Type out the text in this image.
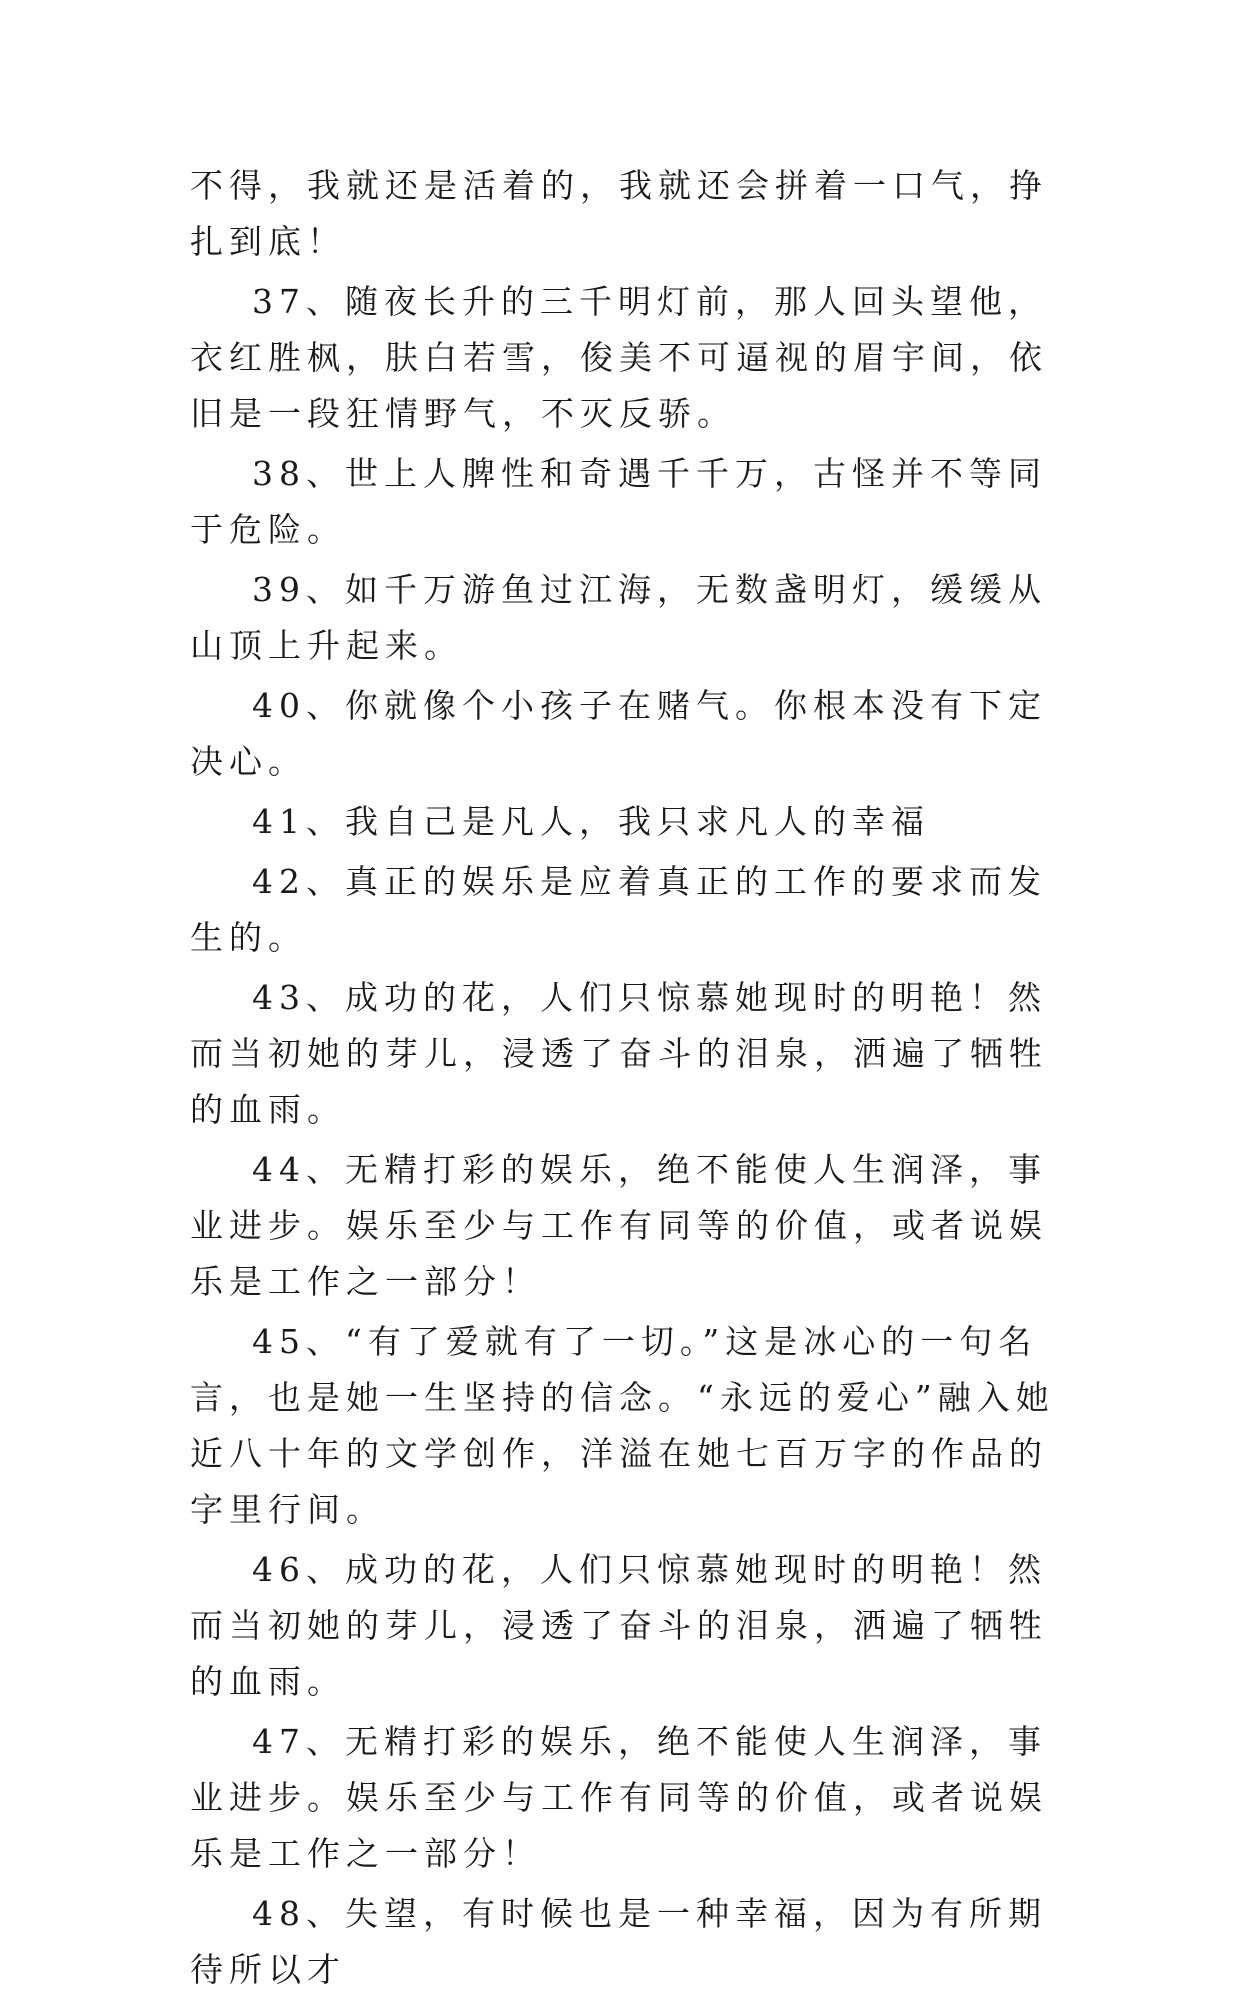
不得，我就还是活着的，我就还会拼着一口气，挣扎到底！

37、随夜长升的三千明灯前，那人回头望他，衣红胜枫，肤白若雪，俊美不可逼视的眉宇间，依旧是一段狂情野气，不灭反骄。

38、世上人脾性和奇遇千千万，古怪并不等同于危险。

39、如千万游鱼过江海，无数盏明灯，缓缓从山顶上升起来。

40、你就像个小孩子在赌气。你根本没有下定决心。

41、我自己是凡人，我只求凡人的幸福

42、真正的娱乐是应着真正的工作的要求而发生的。

43、成功的花，人们只惊慕她现时的明艳！然而当初她的芽儿，浸透了奋斗的泪泉，洒遍了牺牲的血雨。

44、无精打彩的娱乐，绝不能使人生润泽，事业进步。娱乐至少与工作有同等的价值，或者说娱乐是工作之一部分！

45、“有了爱就有了一切。”这是冰心的一句名言，也是她一生坚持的信念。“永远的爱心”融入她近八十年的文学创作，洋溢在她七百万字的作品的字里行间。

46、成功的花，人们只惊慕她现时的明艳！然而当初她的芽儿，浸透了奋斗的泪泉，洒遍了牺牲的血雨。

47、无精打彩的娱乐，绝不能使人生润泽，事业进步。娱乐至少与工作有同等的价值，或者说娱乐是工作之一部分！

48、失望，有时候也是一种幸福，因为有所期待所以才
